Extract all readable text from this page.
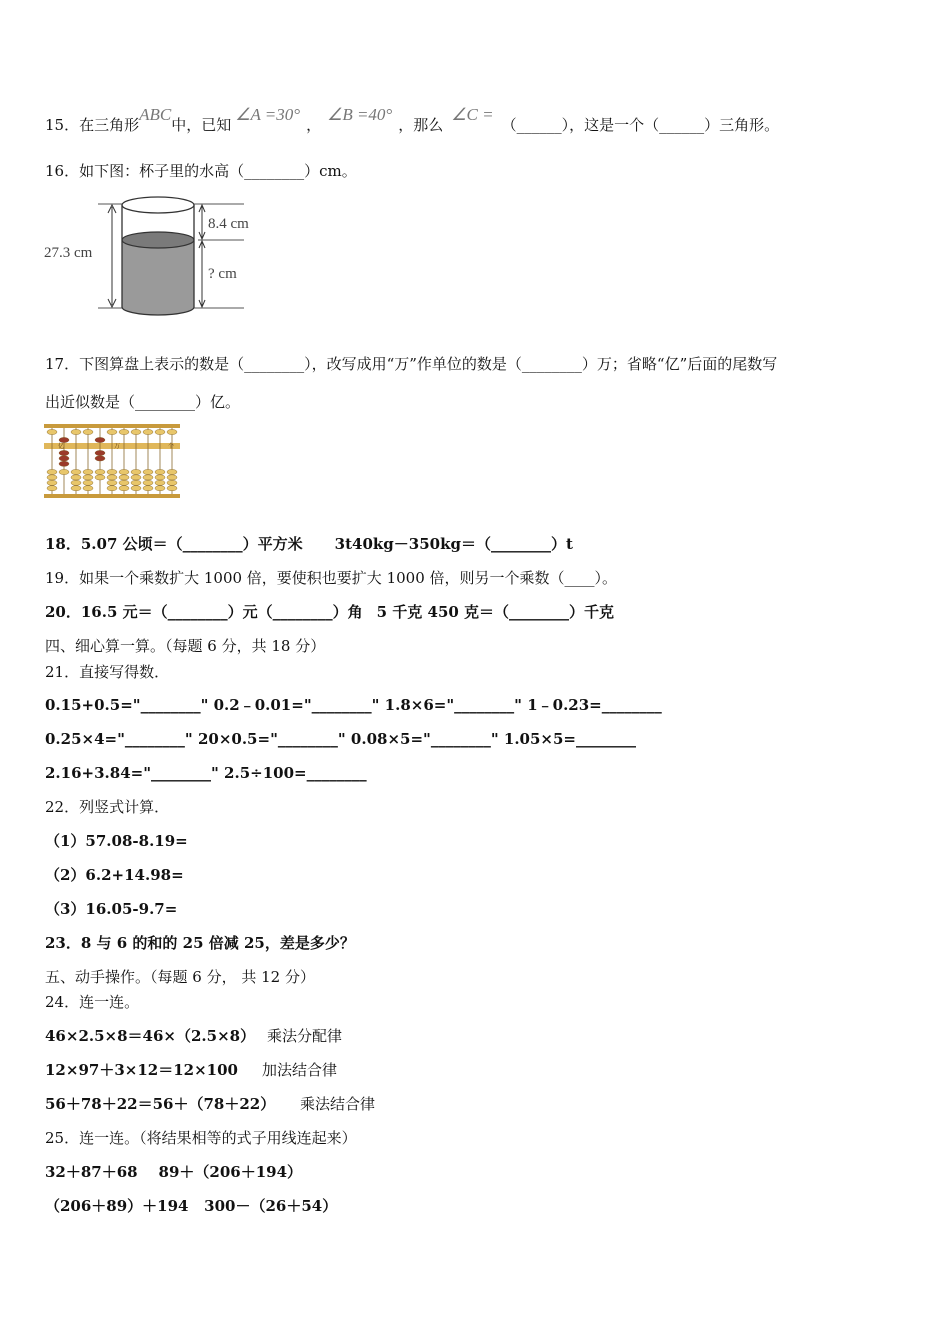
15．在三角形ABC中，已知∠A =30°，∠B =40°，那么∠C =（______），这是一个（______）三角形。
16．如下图：杯子里的水高（________）cm。
27.3 cm
8.4 cm
? cm
17．下图算盘上表示的数是（________），改写成用“万”作单位的数是（________）万；省略“亿”后面的尾数写
出近似数是（________）亿。
亿	万	个
18．5.07 公顷＝（________）平方米 3t40kg－350kg＝（________）t
19．如果一个乘数扩大 1000 倍，要使积也要扩大 1000 倍，则另一个乘数（____）。
20．16.5 元＝（________）元（________）角 5 千克 450 克＝（________）千克
四、细心算一算。（每题 6 分，共 18 分）
21．直接写得数．
0.15+0.5="________" 0.2﹣0.01="________" 1.8×6="________" 1﹣0.23=________
0.25×4="________" 20×0.5="________" 0.08×5="________" 1.05×5=________
2.16+3.84="________" 2.5÷100=________
22．列竖式计算．
（1）57.08-8.19=
（2）6.2+14.98=
（3）16.05-9.7=
23．8 与 6 的和的 25 倍减 25，差是多少？
五、动手操作。（每题 6 分， 共 12 分）
24．连一连。
46×2.5×8＝46×（2.5×8） 乘法分配律
12×97＋3×12＝12×100 加法结合律
56＋78＋22＝56＋（78＋22） 乘法结合律
25．连一连。（将结果相等的式子用线连起来）
32＋87＋68    89＋（206＋194）
（206＋89）＋194   300－（26＋54）
